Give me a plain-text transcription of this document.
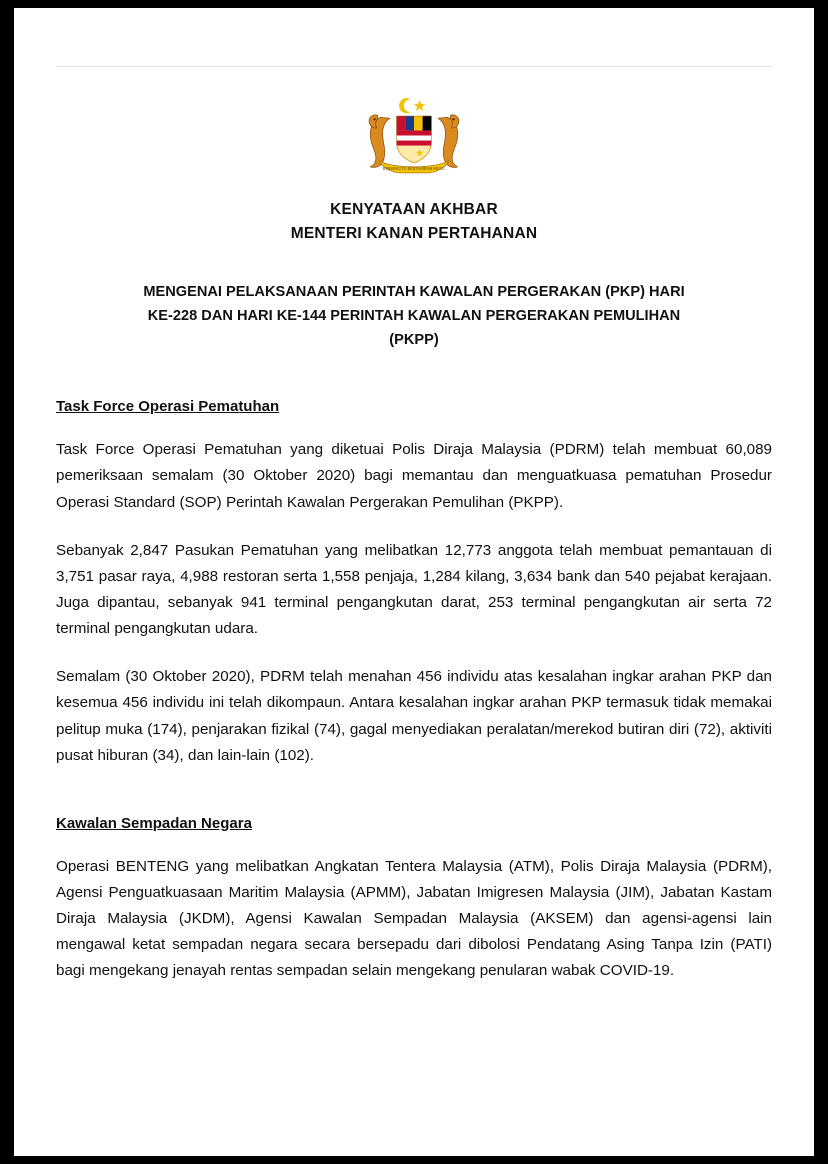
BERSEKUTU BERTAMBAH MUTU
KENYATAAN AKHBAR
MENTERI KANAN PERTAHANAN
MENGENAI PELAKSANAAN PERINTAH KAWALAN PERGERAKAN (PKP) HARI
KE-228 DAN HARI KE-144 PERINTAH KAWALAN PERGERAKAN PEMULIHAN
(PKPP)
Task Force Operasi Pematuhan

Task Force Operasi Pematuhan yang diketuai Polis Diraja Malaysia (PDRM) telah membuat 60,089 pemeriksaan semalam (30 Oktober 2020) bagi memantau dan menguatkuasa pematuhan Prosedur Operasi Standard (SOP) Perintah Kawalan Pergerakan Pemulihan (PKPP).

Sebanyak 2,847 Pasukan Pematuhan yang melibatkan 12,773 anggota telah membuat pemantauan di 3,751 pasar raya, 4,988 restoran serta 1,558 penjaja, 1,284 kilang, 3,634 bank dan 540 pejabat kerajaan. Juga dipantau, sebanyak 941 terminal pengangkutan darat, 253 terminal pengangkutan air serta 72 terminal pengangkutan udara.

Semalam (30 Oktober 2020), PDRM telah menahan 456 individu atas kesalahan ingkar arahan PKP dan kesemua 456 individu ini telah dikompaun. Antara kesalahan ingkar arahan PKP termasuk tidak memakai pelitup muka (174), penjarakan fizikal (74), gagal menyediakan peralatan/merekod butiran diri (72), aktiviti pusat hiburan (34), dan lain-lain (102).

Kawalan Sempadan Negara

Operasi BENTENG yang melibatkan Angkatan Tentera Malaysia (ATM), Polis Diraja Malaysia (PDRM), Agensi Penguatkuasaan Maritim Malaysia (APMM), Jabatan Imigresen Malaysia (JIM), Jabatan Kastam Diraja Malaysia (JKDM), Agensi Kawalan Sempadan Malaysia (AKSEM) dan agensi-agensi lain mengawal ketat sempadan negara secara bersepadu dari dibolosi Pendatang Asing Tanpa Izin (PATI) bagi mengekang jenayah rentas sempadan selain mengekang penularan wabak COVID-19.
